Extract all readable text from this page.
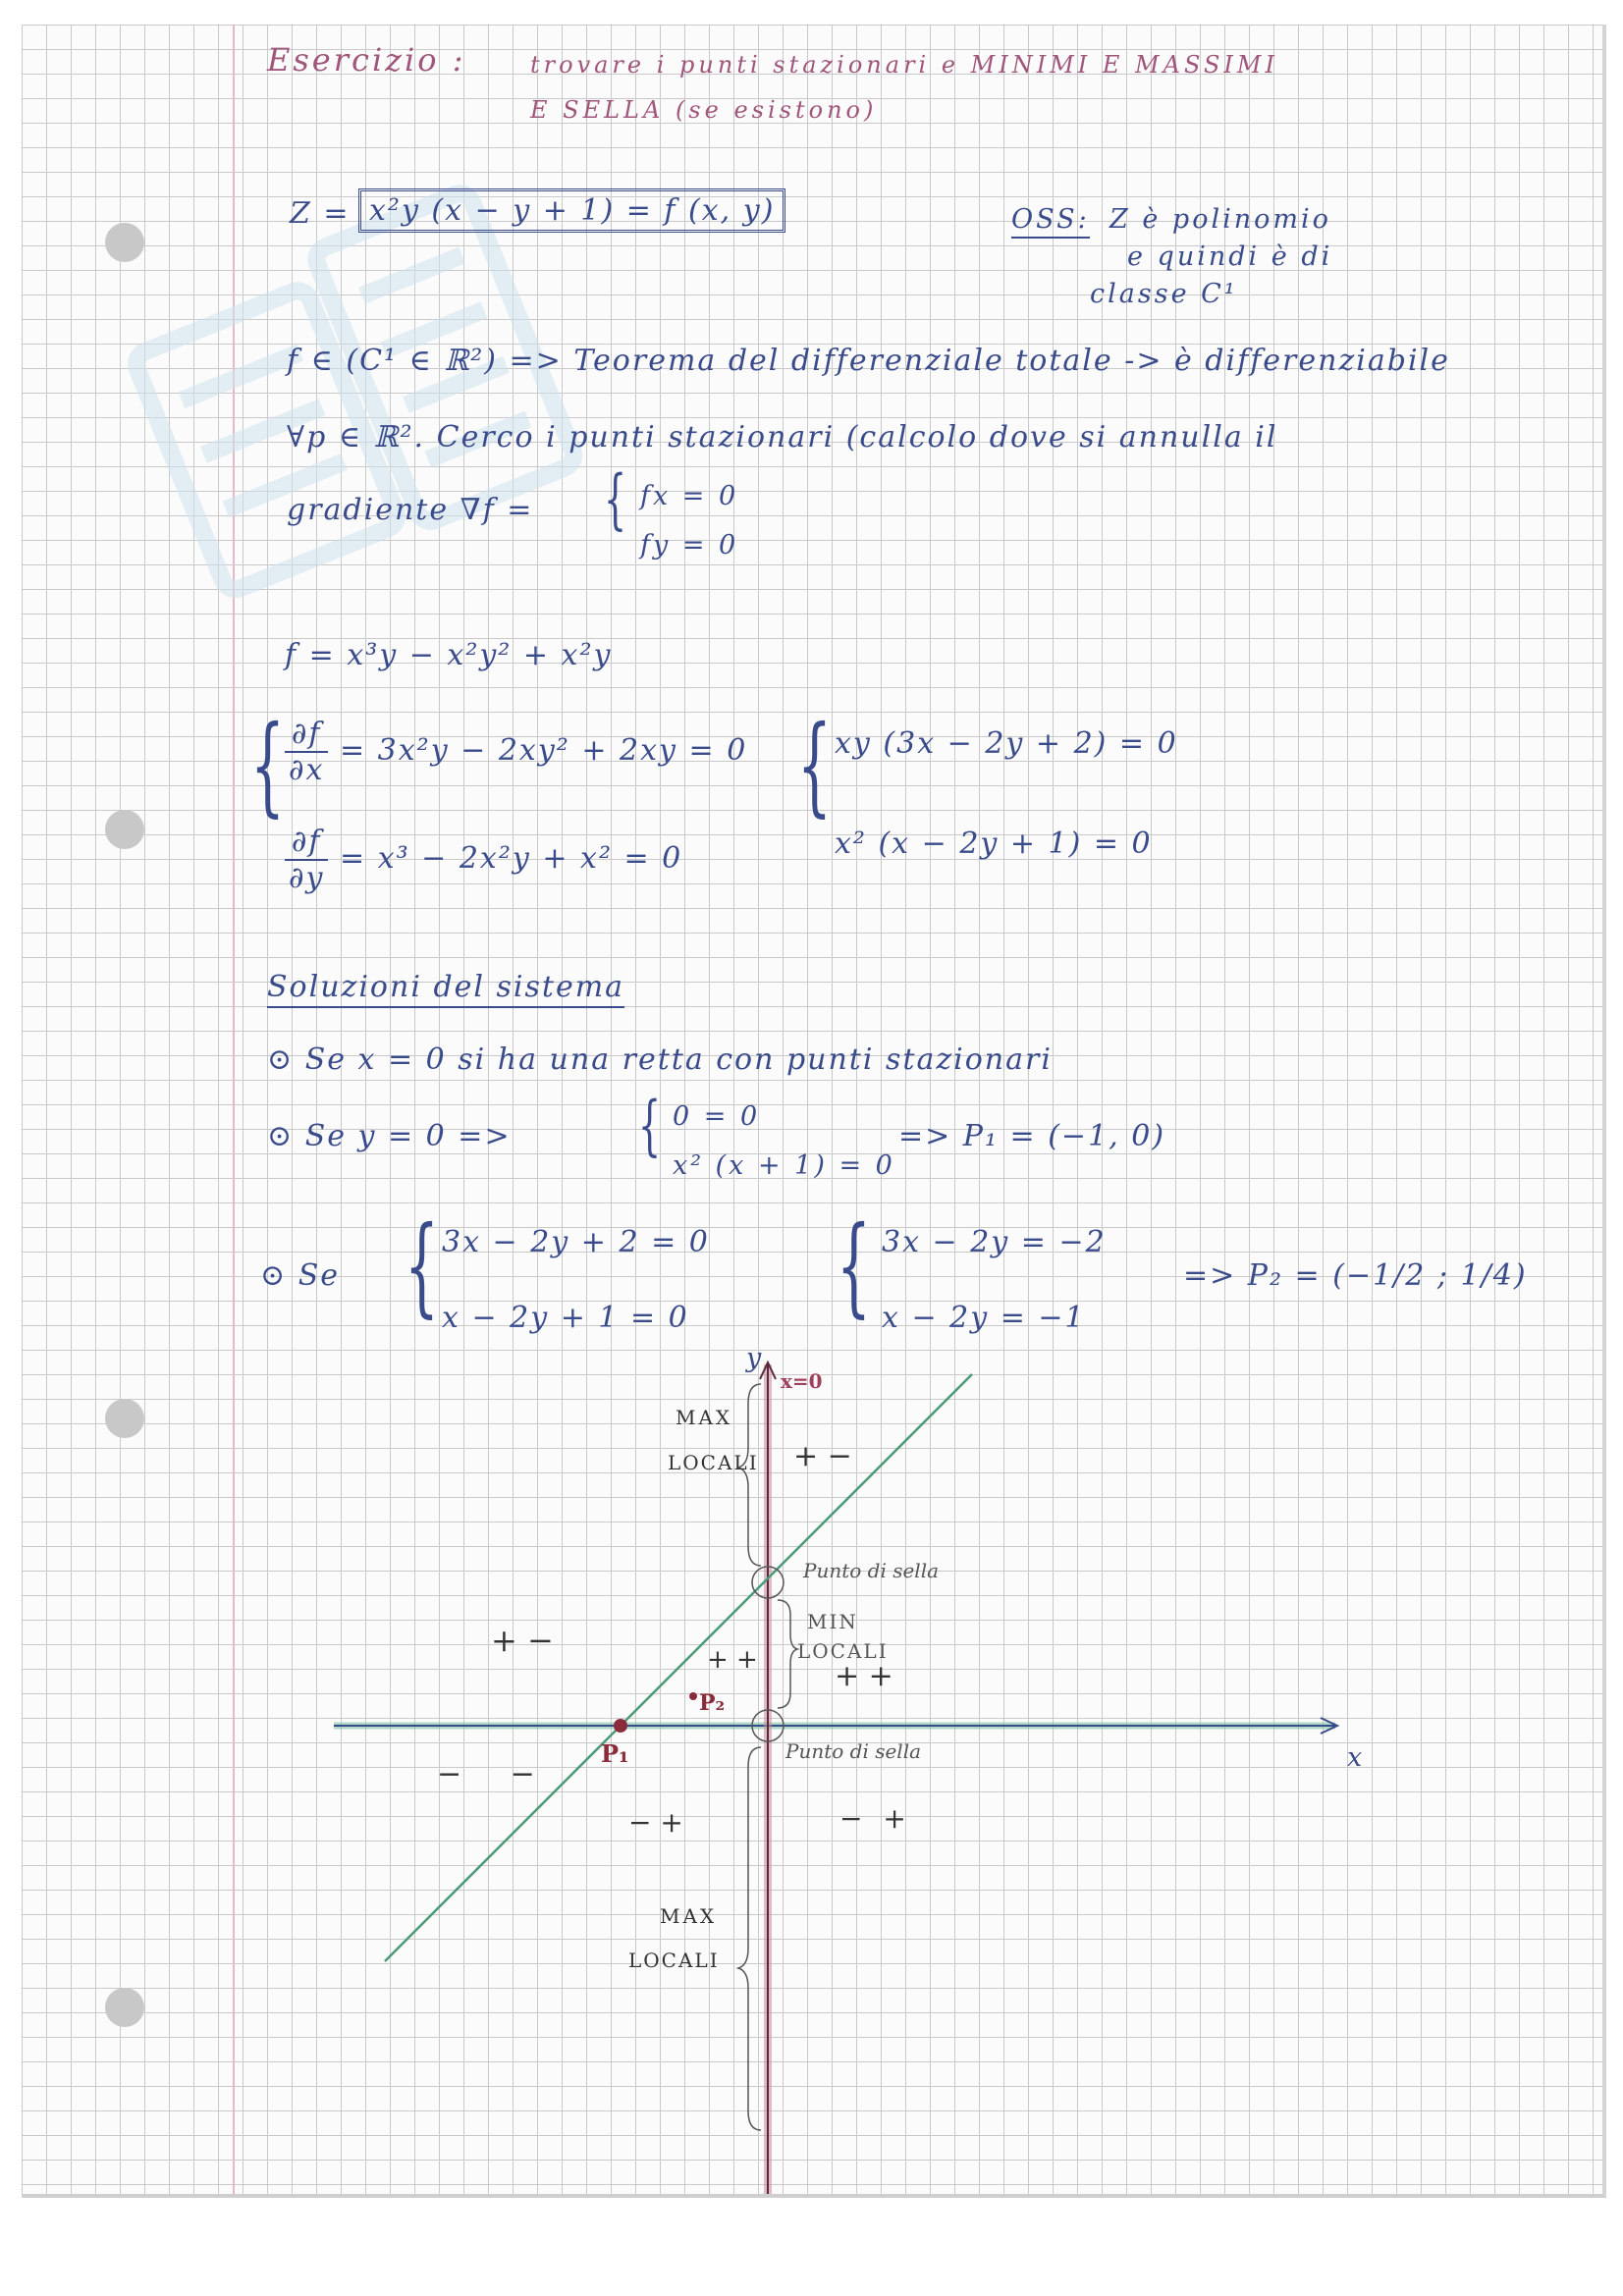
Esercizio :	trovare i punti stazionari e MINIMI E MASSIMI
E SELLA (se esistono)
Z = x²y (x − y + 1) = f (x, y)	OSS: Z è polinomio
e quindi è di
classe C¹
f ∈ (C¹ ∈ ℝ²) => Teorema del differenziale totale -> è differenziabile
∀p ∈ ℝ². Cerco i punti stazionari (calcolo dove si annulla il
gradiente ∇f = { fx = 0
fy = 0
f = x³y − x²y² + x²y
{ $\frac{\partial f}{\partial x} = 3x^2y - 2xy^2 + 2xy = 0$
$\frac{\partial f}{\partial y} = x^3 - 2x^2y + x^2 = 0$
{ xy (3x − 2y + 2) = 0
x² (x − 2y + 1) = 0
Soluzioni del sistema
⊙ Se x = 0 si ha una retta con punti stazionari
⊙ Se y = 0 => { 0 = 0
x² (x + 1) = 0
=> P₁ = (−1, 0)
⊙ Se { 3x − 2y + 2 = 0
x − 2y + 1 = 0 { 3x − 2y = −2
x − 2y = −1
=> P₂ = (−1/2 ; 1/4)
y
x
x=0
MAX
LOCALI + −
Punto di sella
MIN
LOCALI
+ −
+ +	+ +
P₂
P₁	Punto di sella
− −
− +	− +
MAX
LOCALI
